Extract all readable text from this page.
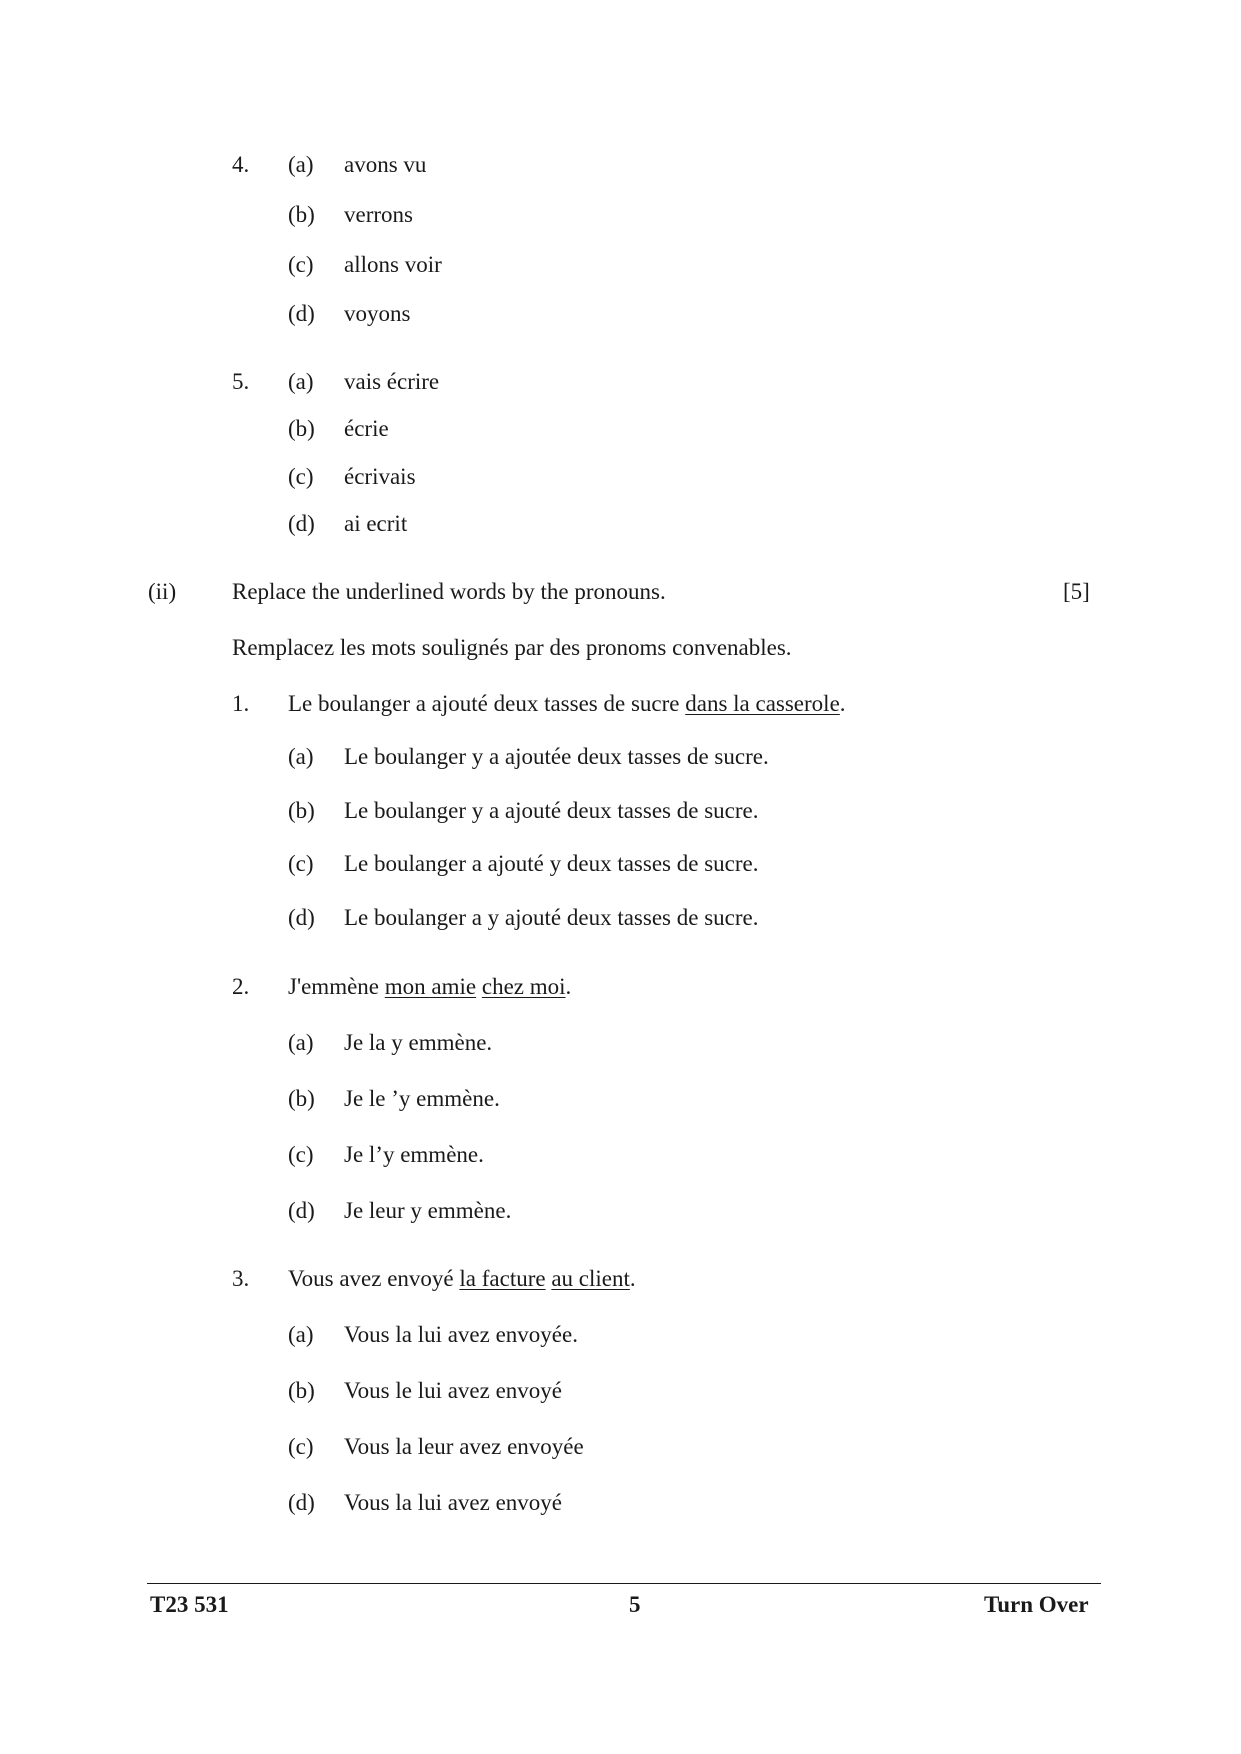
4. (a) avons vu
(b) verrons
(c) allons voir
(d) voyons
5. (a) vais écrire
(b) écrie
(c) écrivais
(d) ai ecrit
(ii) Replace the underlined words by the pronouns.	[5]
Remplacez les mots soulignés par des pronoms convenables.
1. Le boulanger a ajouté deux tasses de sucre dans la casserole.
(a) Le boulanger y a ajoutée deux tasses de sucre.
(b) Le boulanger y a ajouté deux tasses de sucre.
(c) Le boulanger a ajouté y deux tasses de sucre.
(d) Le boulanger a y ajouté deux tasses de sucre.
2. J'emmène mon amie chez moi.
(a) Je la y emmène.
(b) Je le ’y emmène.
(c) Je l’y emmène.
(d) Je leur y emmène.
3. Vous avez envoyé la facture au client.
(a) Vous la lui avez envoyée.
(b) Vous le lui avez envoyé
(c) Vous la leur avez envoyée
(d) Vous la lui avez envoyé
T23 531	5	Turn Over
